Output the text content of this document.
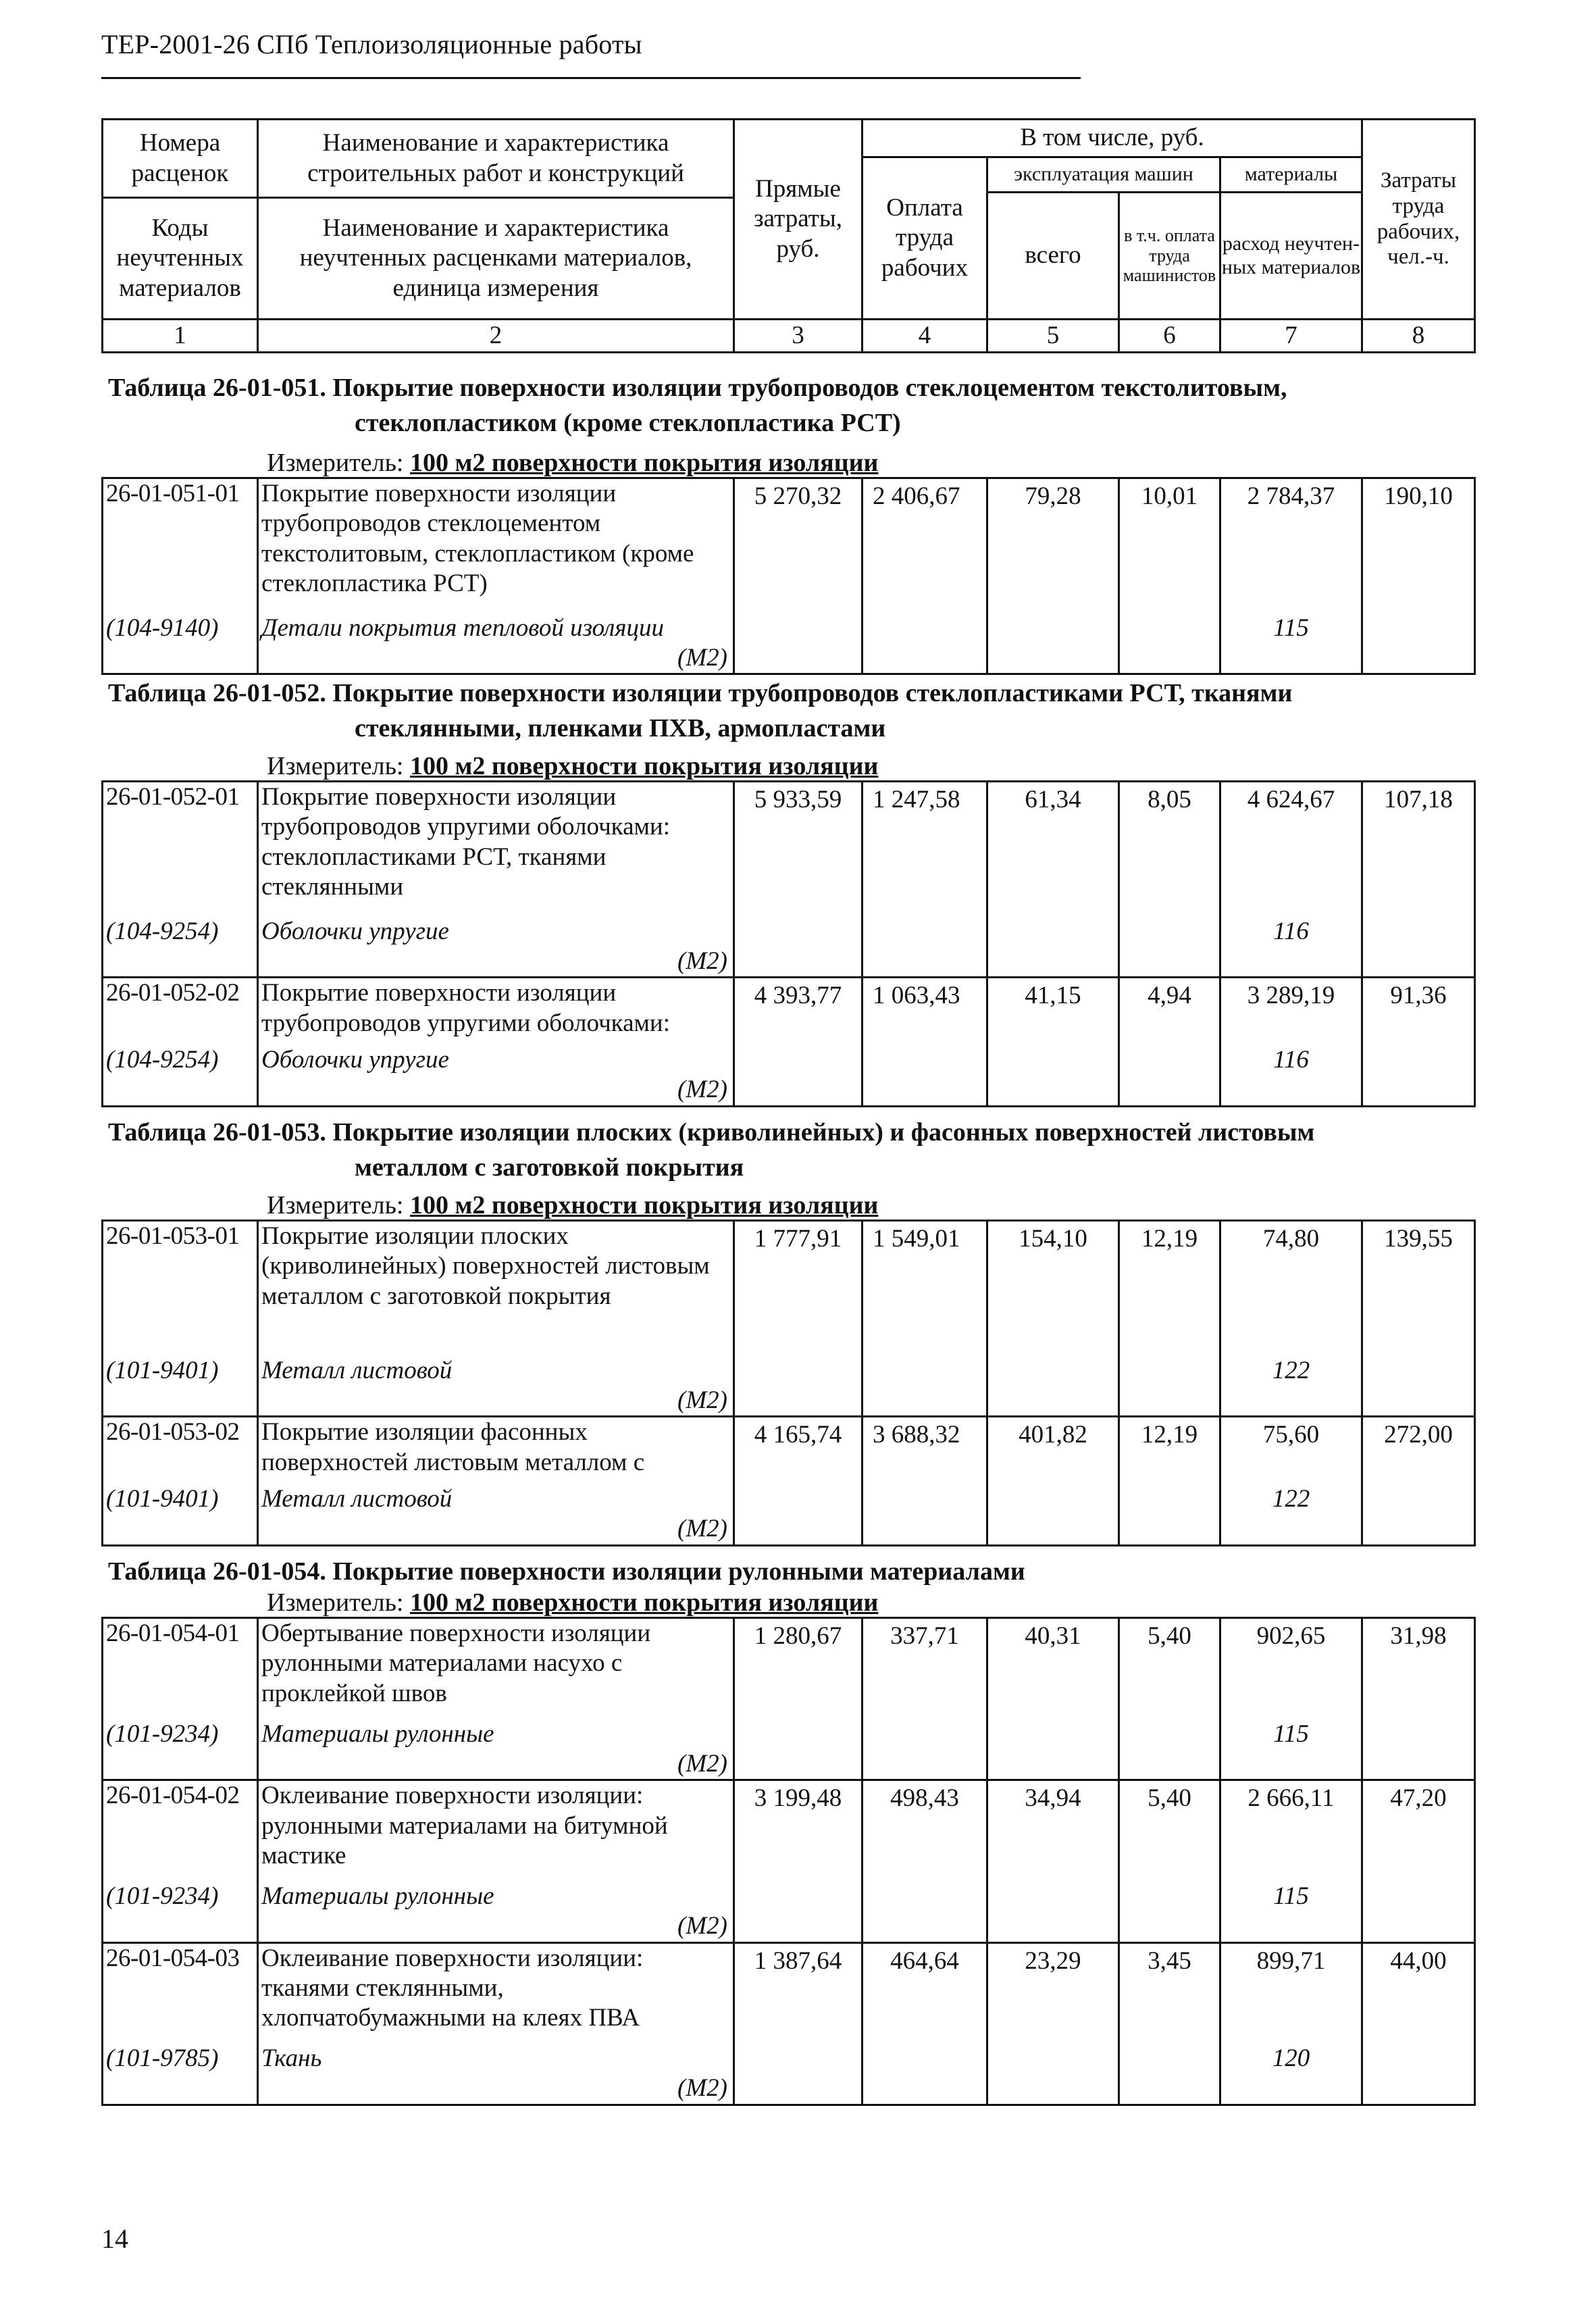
ТЕР-2001-26 СПб Теплоизоляционные работы
Номера расценок	Наименование и характеристика строительных работ и конструкций	Прямые затраты, руб.	В том числе, руб.				Затраты труда рабочих, чел.-ч.
			Оплата труда рабочих	эксплуатация машин		материалы	
				всего	в т.ч. оплата труда машинистов	расход неучтен-ных материалов	
Коды неучтенных материалов	Наименование и характеристика неучтенных расценками материалов, единица измерения						

1	2	3	4	5	6	7	8
Таблица 26-01-051. Покрытие поверхности изоляции трубопроводов стеклоцементом текстолитовым,
стеклопластиком (кроме стеклопластика РСТ)
Измеритель: 100 м2 поверхности покрытия изоляции
26-01-051-01	Покрытие поверхности изоляции трубопроводов стеклоцементом текстолитовым, стеклопластиком (кроме стеклопластика РСТ)	5 270,32	2 406,67	79,28	10,01	2 784,37	190,10
(104-9140)	Детали покрытия тепловой изоляции					115	
	(М2)						
Таблица 26-01-052. Покрытие поверхности изоляции трубопроводов стеклопластиками РСТ, тканями
стеклянными, пленками ПХВ, армопластами
Измеритель: 100 м2 поверхности покрытия изоляции
26-01-052-01	Покрытие поверхности изоляции трубопроводов упругими оболочками: стеклопластиками РСТ, тканями стеклянными	5 933,59	1 247,58	61,34	8,05	4 624,67	107,18
(104-9254)	Оболочки упругие					116	
	(М2)						
26-01-052-02	Покрытие поверхности изоляции трубопроводов упругими оболочками:	4 393,77	1 063,43	41,15	4,94	3 289,19	91,36
(104-9254)	Оболочки упругие					116	
	(М2)						
Таблица 26-01-053. Покрытие изоляции плоских (криволинейных) и фасонных поверхностей листовым
металлом с заготовкой покрытия
Измеритель: 100 м2 поверхности покрытия изоляции
26-01-053-01	Покрытие изоляции плоских (криволинейных) поверхностей листовым металлом с заготовкой покрытия	1 777,91	1 549,01	154,10	12,19	74,80	139,55
(101-9401)	Металл листовой					122	
	(М2)						
26-01-053-02	Покрытие изоляции фасонных поверхностей листовым металлом с	4 165,74	3 688,32	401,82	12,19	75,60	272,00
(101-9401)	Металл листовой					122	
	(М2)						
Таблица 26-01-054. Покрытие поверхности изоляции рулонными материалами
Измеритель: 100 м2 поверхности покрытия изоляции
26-01-054-01	Обертывание поверхности изоляции рулонными материалами насухо с проклейкой швов	1 280,67	337,71	40,31	5,40	902,65	31,98
(101-9234)	Материалы рулонные					115	
	(М2)						
26-01-054-02	Оклеивание поверхности изоляции: рулонными материалами на битумной мастике	3 199,48	498,43	34,94	5,40	2 666,11	47,20
(101-9234)	Материалы рулонные					115	
	(М2)						
26-01-054-03	Оклеивание поверхности изоляции: тканями стеклянными, хлопчатобумажными на клеях ПВА	1 387,64	464,64	23,29	3,45	899,71	44,00
(101-9785)	Ткань					120	
	(М2)						
14
